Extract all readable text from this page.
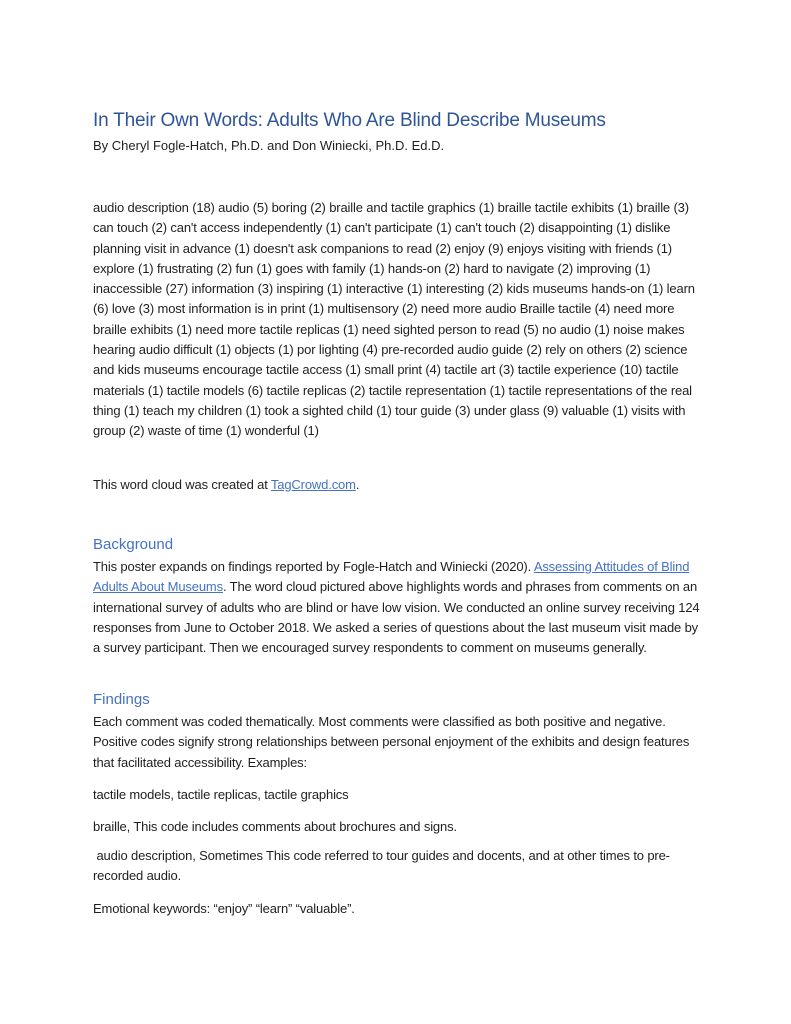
In Their Own Words: Adults Who Are Blind Describe Museums
By Cheryl Fogle-Hatch, Ph.D. and Don Winiecki, Ph.D. Ed.D.
audio description (18) audio (5) boring (2) braille and tactile graphics (1) braille tactile exhibits (1) braille (3) can touch (2) can't access independently (1) can't participate (1) can't touch (2) disappointing (1) dislike planning visit in advance (1) doesn't ask companions to read (2) enjoy (9) enjoys visiting with friends (1) explore (1) frustrating (2) fun (1) goes with family (1) hands-on (2) hard to navigate (2) improving (1) inaccessible (27) information (3) inspiring (1) interactive (1) interesting (2) kids museums hands-on (1) learn (6) love (3) most information is in print (1) multisensory (2) need more audio Braille tactile (4) need more braille exhibits (1) need more tactile replicas (1) need sighted person to read (5) no audio (1) noise makes hearing audio difficult (1) objects (1) por lighting (4) pre-recorded audio guide (2) rely on others (2) science and kids museums encourage tactile access (1) small print (4) tactile art (3) tactile experience (10) tactile materials (1) tactile models (6) tactile replicas (2) tactile representation (1) tactile representations of the real thing (1) teach my children (1) took a sighted child (1) tour guide (3) under glass (9) valuable (1) visits with group (2) waste of time (1) wonderful (1)
This word cloud was created at TagCrowd.com.
Background
This poster expands on findings reported by Fogle-Hatch and Winiecki (2020). Assessing Attitudes of Blind Adults About Museums. The word cloud pictured above highlights words and phrases from comments on an international survey of adults who are blind or have low vision. We conducted an online survey receiving 124 responses from June to October 2018. We asked a series of questions about the last museum visit made by a survey participant. Then we encouraged survey respondents to comment on museums generally.
Findings
Each comment was coded thematically. Most comments were classified as both positive and negative. Positive codes signify strong relationships between personal enjoyment of the exhibits and design features that facilitated accessibility. Examples:
tactile models, tactile replicas, tactile graphics
braille, This code includes comments about brochures and signs.
audio description, Sometimes This code referred to tour guides and docents, and at other times to pre-recorded audio.
Emotional keywords: “enjoy” “learn” “valuable”.
